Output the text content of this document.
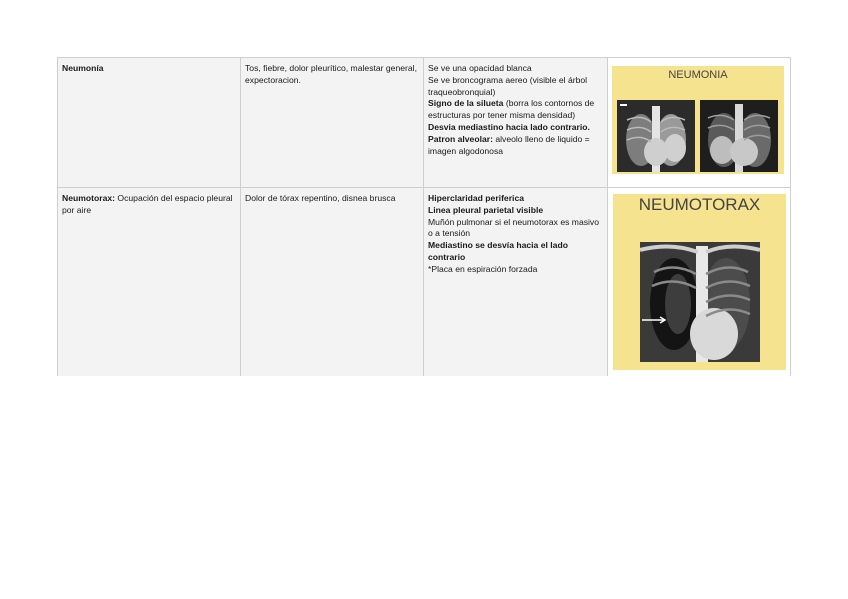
Neumonía	Tos, fiebre, dolor pleurítico, malestar general, expectoracion.
Se ve una opacidad blanca
Se ve broncograma aereo (visible el árbol traqueobronquial)
Signo de la silueta (borra los contornos de estructuras por tener misma densidad)
Desvia mediastino hacia lado contrario.
Patron alveolar: alveolo lleno de liquido = imagen algodonosa
NEUMONIA
Neumotorax: Ocupación del espacio pleural por aire
Dolor de tórax repentino, disnea brusca	Hiperclaridad periferica
Linea pleural parietal visible
Muñón pulmonar si el neumotorax es masivo o a tensión
Mediastino se desvía hacia el lado contrario
*Placa en espiración forzada
NEUMOTORAX
